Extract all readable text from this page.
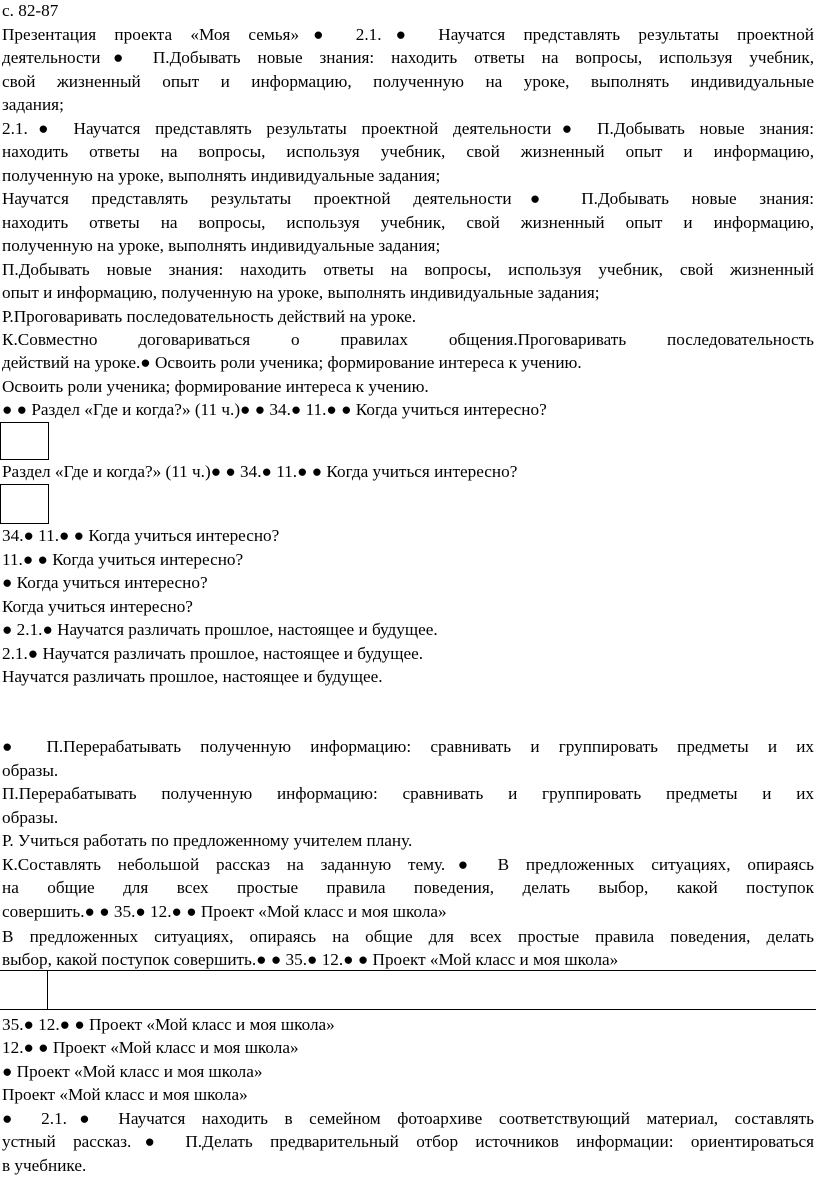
с. 82-87
Презентация проекта «Моя семья»● 2.1.● Научатся представлять результаты проектной
деятельности● П.Добывать новые знания: находить ответы на вопросы, используя учебник,
свой жизненный опыт и информацию, полученную на уроке, выполнять индивидуальные
задания;
2.1.● Научатся представлять результаты проектной деятельности● П.Добывать новые знания:
находить ответы на вопросы, используя учебник, свой жизненный опыт и информацию,
полученную на уроке, выполнять индивидуальные задания;
Научатся представлять результаты проектной деятельности● П.Добывать новые знания:
находить ответы на вопросы, используя учебник, свой жизненный опыт и информацию,
полученную на уроке, выполнять индивидуальные задания;
П.Добывать новые знания: находить ответы на вопросы, используя учебник, свой жизненный
опыт и информацию, полученную на уроке, выполнять индивидуальные задания;
Р.Проговаривать последовательность действий на уроке.
К.Совместно договариваться о правилах общения.Проговаривать последовательность
действий на уроке.● Освоить роли ученика; формирование интереса к учению.
Освоить роли ученика; формирование интереса к учению.
● ● Раздел «Где и когда?» (11 ч.)● ● 34.● 11.● ● Когда учиться интересно?
Раздел «Где и когда?» (11 ч.)● ● 34.● 11.● ● Когда учиться интересно?
34.● 11.● ● Когда учиться интересно?
11.● ● Когда учиться интересно?
● Когда учиться интересно?
Когда учиться интересно?
● 2.1.● Научатся различать прошлое, настоящее и будущее.
2.1.● Научатся различать прошлое, настоящее и будущее.
Научатся различать прошлое, настоящее и будущее.
● П.Перерабатывать полученную информацию: сравнивать и группировать предметы и их
образы.
П.Перерабатывать полученную информацию: сравнивать и группировать предметы и их
образы.
Р. Учиться работать по предложенному учителем плану.
К.Составлять небольшой рассказ на заданную тему.● В предложенных ситуациях, опираясь
на общие для всех простые правила поведения, делать выбор, какой поступок
совершить.● ● 35.● 12.● ● Проект «Мой класс и моя школа»
В предложенных ситуациях, опираясь на общие для всех простые правила поведения, делать
выбор, какой поступок совершить.● ● 35.● 12.● ● Проект «Мой класс и моя школа»
35.● 12.● ● Проект «Мой класс и моя школа»
12.● ● Проект «Мой класс и моя школа»
● Проект «Мой класс и моя школа»
Проект «Мой класс и моя школа»
● 2.1.● Научатся находить в семейном фотоархиве соответствующий материал, составлять
устный рассказ.● П.Делать предварительный отбор источников информации: ориентироваться
в учебнике.
